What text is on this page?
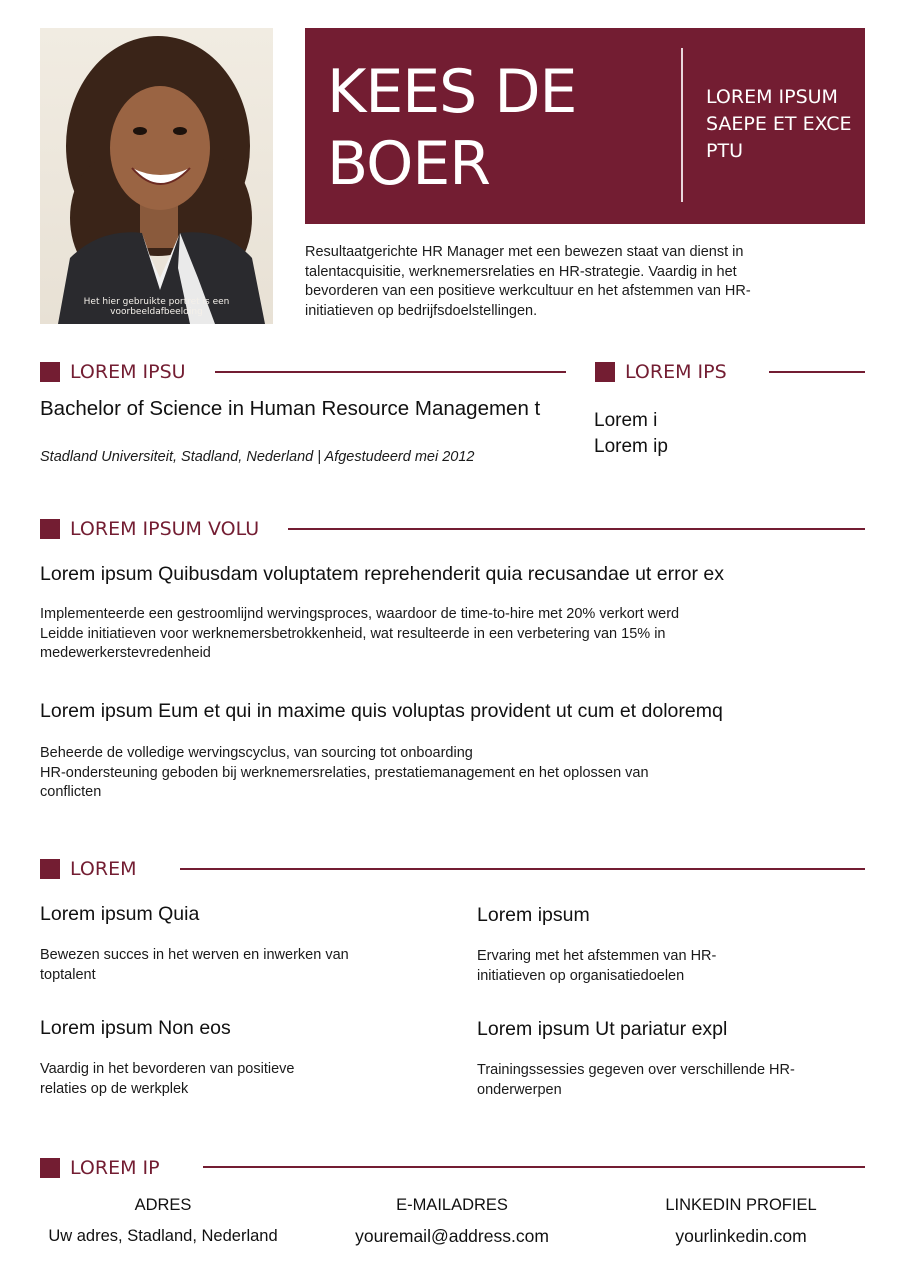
Het hier gebruikte portret is een voorbeeldafbeelding
KEES DE BOER
LOREM IPSUM SAEPE ET EXCE PTU
Resultaatgerichte HR Manager met een bewezen staat van dienst in talentacquisitie, werknemersrelaties en HR-strategie. Vaardig in het bevorderen van een positieve werkcultuur en het afstemmen van HR-initiatieven op bedrijfsdoelstellingen.
LOREM IPSU
Bachelor of Science in Human Resource Managemen t
Stadland Universiteit, Stadland, Nederland | Afgestudeerd mei 2012
LOREM IPS
Lorem i
Lorem ip
LOREM IPSUM VOLU
Lorem ipsum Quibusdam voluptatem reprehenderit quia recusandae ut error ex
Implementeerde een gestroomlijnd wervingsproces, waardoor de time-to-hire met 20% verkort werd
Leidde initiatieven voor werknemersbetrokkenheid, wat resulteerde in een verbetering van 15% in medewerkerstevredenheid
Lorem ipsum Eum et qui in maxime quis voluptas provident ut cum et doloremq
Beheerde de volledige wervingscyclus, van sourcing tot onboarding
HR-ondersteuning geboden bij werknemersrelaties, prestatiemanagement en het oplossen van conflicten
LOREM
Lorem ipsum Quia
Bewezen succes in het werven en inwerken van toptalent
Lorem ipsum
Ervaring met het afstemmen van HR-initiatieven op organisatiedoelen
Lorem ipsum Non eos
Vaardig in het bevorderen van positieve relaties op de werkplek
Lorem ipsum Ut pariatur expl
Trainingssessies gegeven over verschillende HR-onderwerpen
LOREM IP
ADRES
Uw adres, Stadland, Nederland
E-MAILADRES
youremail@address.com
LINKEDIN PROFIEL
yourlinkedin.com
